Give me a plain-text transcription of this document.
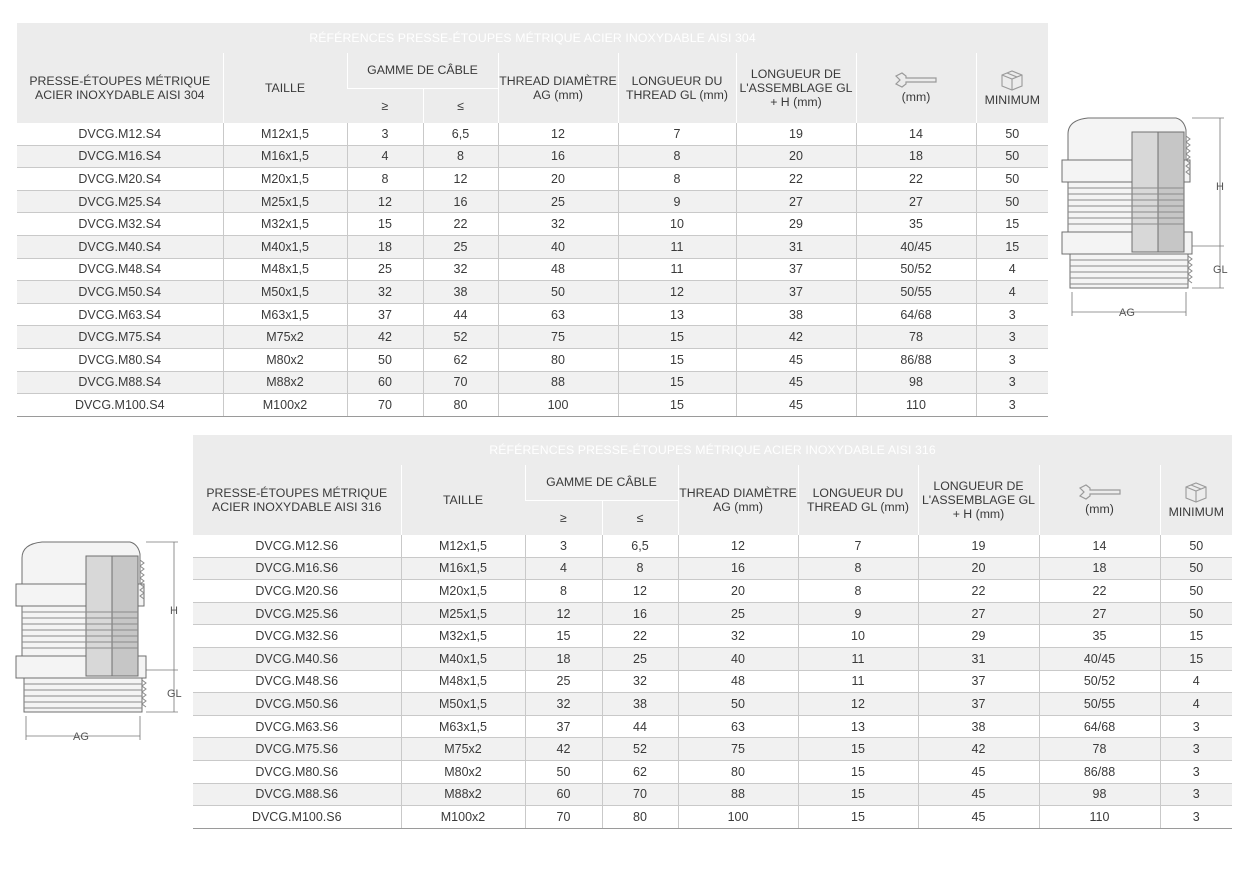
RÉFÉRENCES PRESSE-ÉTOUPES MÉTRIQUE ACIER INOXYDABLE AISI 304								
PRESSE-ÉTOUPES MÉTRIQUE ACIER INOXYDABLE AISI 304	TAILLE	GAMME DE CÂBLE		THREAD DIAMÈTRE AG (mm)	LONGUEUR DU THREAD GL (mm)	LONGUEUR DE L'ASSEMBLAGE GL + H (mm)	(mm)	MINIMUM
		≥	≤					
DVCG.M12.S4	M12x1,5	3	6,5	12	7	19	14	50
DVCG.M16.S4	M16x1,5	4	8	16	8	20	18	50
DVCG.M20.S4	M20x1,5	8	12	20	8	22	22	50
DVCG.M25.S4	M25x1,5	12	16	25	9	27	27	50
DVCG.M32.S4	M32x1,5	15	22	32	10	29	35	15
DVCG.M40.S4	M40x1,5	18	25	40	11	31	40/45	15
DVCG.M48.S4	M48x1,5	25	32	48	11	37	50/52	4
DVCG.M50.S4	M50x1,5	32	38	50	12	37	50/55	4
DVCG.M63.S4	M63x1,5	37	44	63	13	38	64/68	3
DVCG.M75.S4	M75x2	42	52	75	15	42	78	3
DVCG.M80.S4	M80x2	50	62	80	15	45	86/88	3
DVCG.M88.S4	M88x2	60	70	88	15	45	98	3
DVCG.M100.S4	M100x2	70	80	100	15	45	110	3
RÉFÉRENCES PRESSE-ÉTOUPES MÉTRIQUE ACIER INOXYDABLE AISI 316								
PRESSE-ÉTOUPES MÉTRIQUE ACIER INOXYDABLE AISI 316	TAILLE	GAMME DE CÂBLE		THREAD DIAMÈTRE AG (mm)	LONGUEUR DU THREAD GL (mm)	LONGUEUR DE L'ASSEMBLAGE GL + H (mm)	(mm)	MINIMUM
		≥	≤					
DVCG.M12.S6	M12x1,5	3	6,5	12	7	19	14	50
DVCG.M16.S6	M16x1,5	4	8	16	8	20	18	50
DVCG.M20.S6	M20x1,5	8	12	20	8	22	22	50
DVCG.M25.S6	M25x1,5	12	16	25	9	27	27	50
DVCG.M32.S6	M32x1,5	15	22	32	10	29	35	15
DVCG.M40.S6	M40x1,5	18	25	40	11	31	40/45	15
DVCG.M48.S6	M48x1,5	25	32	48	11	37	50/52	4
DVCG.M50.S6	M50x1,5	32	38	50	12	37	50/55	4
DVCG.M63.S6	M63x1,5	37	44	63	13	38	64/68	3
DVCG.M75.S6	M75x2	42	52	75	15	42	78	3
DVCG.M80.S6	M80x2	50	62	80	15	45	86/88	3
DVCG.M88.S6	M88x2	60	70	88	15	45	98	3
DVCG.M100.S6	M100x2	70	80	100	15	45	110	3
H
GL
AG
H
GL
AG
